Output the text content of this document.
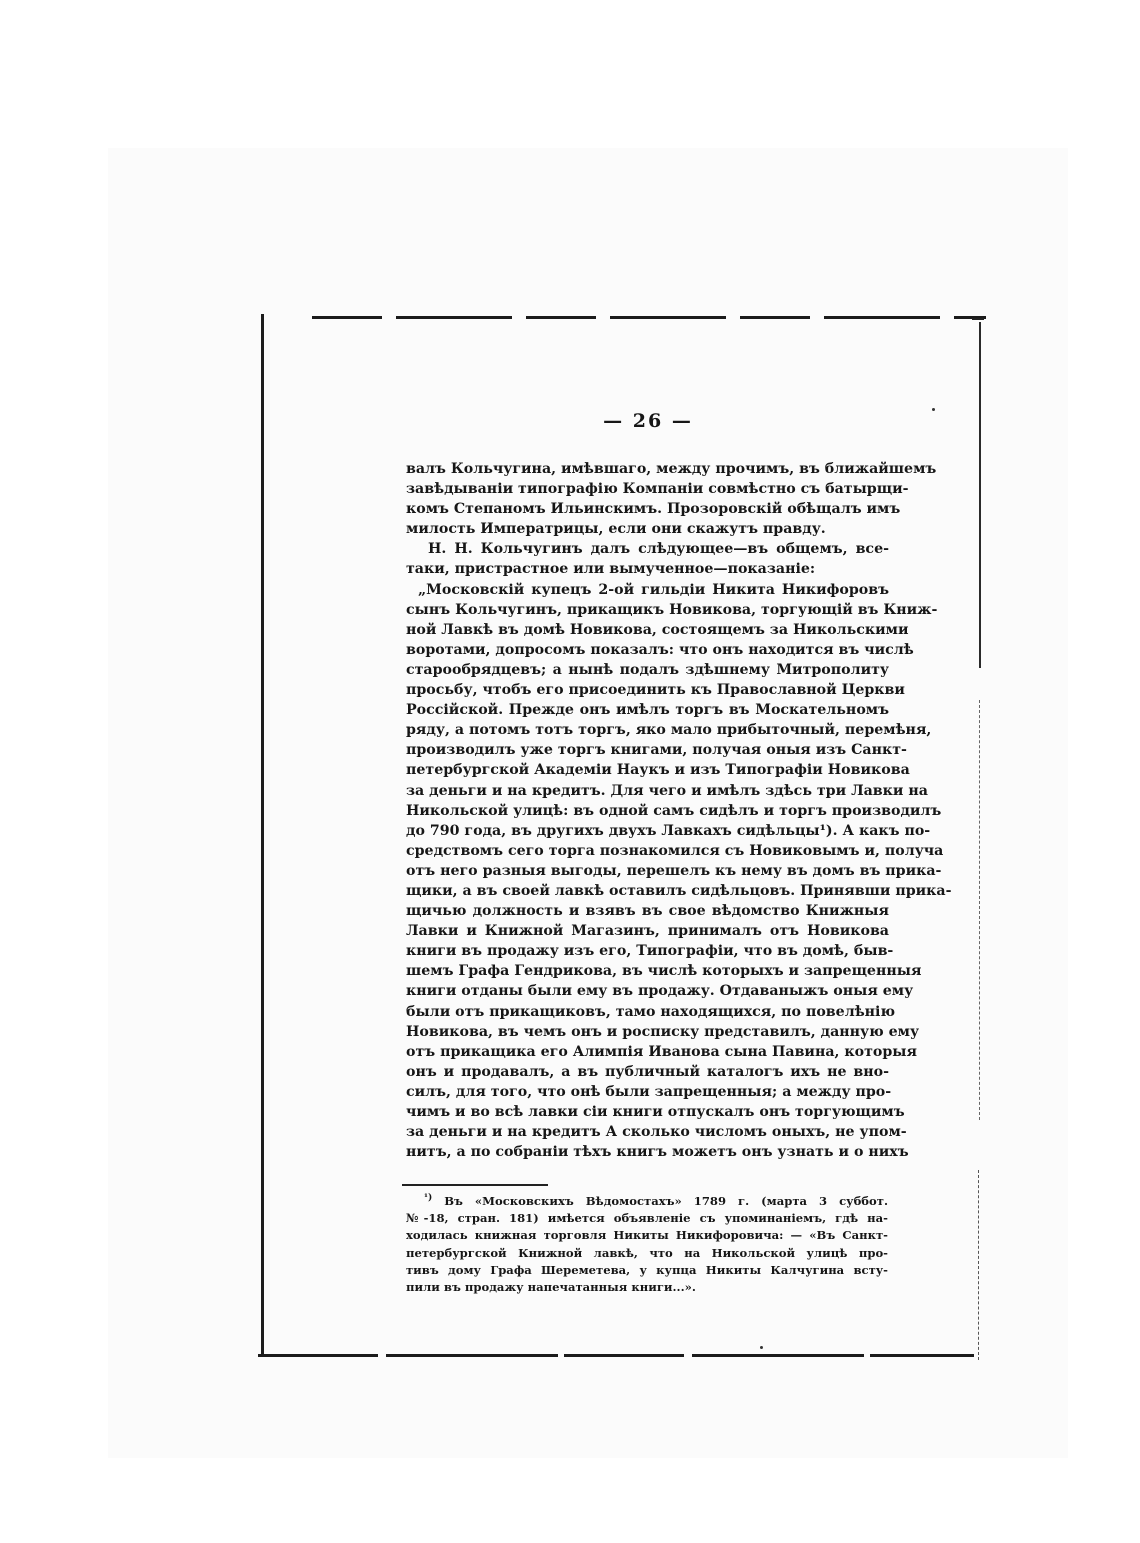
— 26 —
валъ Кольчугина, имѣвшаго, между прочимъ, въ ближайшемъ
завѣдыванiи типографiю Компанiи совмѣстно съ батырщи-
комъ Степаномъ Ильинскимъ. Прозоровскiй обѣщалъ имъ
милость Императрицы, если они скажутъ правду.
Н. Н. Кольчугинъ далъ слѣдующее—въ общемъ, все-
таки, пристрастное или вымученное—показанiе:
„Московскiй купецъ 2-ой гильдiи Никита Никифоровъ
сынъ Кольчугинъ, прикащикъ Новикова, торгующiй въ Книж-
ной Лавкѣ въ домѣ Новикова, состоящемъ за Никольскими
воротами, допросомъ показалъ: что онъ находится въ числѣ
старообрядцевъ; а нынѣ подалъ здѣшнему Митрополиту
просьбу, чтобъ его присоединить къ Православной Церкви
Россiйской. Прежде онъ имѣлъ торгъ въ Москательномъ
ряду, а потомъ тотъ торгъ, яко мало прибыточный, перемѣня,
производилъ уже торгъ книгами, получая оныя изъ Санкт-
петербургской Академiи Наукъ и изъ Типографiи Новикова
за деньги и на кредитъ. Для чего и имѣлъ здѣсь три Лавки на
Никольской улицѣ: въ одной самъ сидѣлъ и торгъ производилъ
до 790 года, въ другихъ двухъ Лавкахъ сидѣльцы¹). А какъ по-
средствомъ сего торга познакомился съ Новиковымъ и, получа
отъ него разныя выгоды, перешелъ къ нему въ домъ въ прика-
щики, а въ своей лавкѣ оставилъ сидѣльцовъ. Принявши прика-
щичью должность и взявъ въ свое вѣдомство Книжныя
Лавки и Книжной Магазинъ, принималъ отъ Новикова
книги въ продажу изъ его, Типографiи, что въ домѣ, быв-
шемъ Графа Гендрикова, въ числѣ которыхъ и запрещенныя
книги отданы были ему въ продажу. Отдаваныжъ оныя ему
были отъ прикащиковъ, тамо находящихся, по повелѣнiю
Новикова, въ чемъ онъ и росписку представилъ, данную ему
отъ прикащика его Алимпiя Иванова сына Павина, которыя
онъ и продавалъ, а въ публичный каталогъ ихъ не вно-
силъ, для того, что онѣ были запрещенныя; а между про-
чимъ и во всѣ лавки сiи книги отпускалъ онъ торгующимъ
за деньги и на кредитъ А сколько числомъ оныхъ, не упом-
нитъ, а по собранiи тѣхъ книгъ можетъ онъ узнать и о нихъ
$^{^1)}$ Въ «Московскихъ Вѣдомостахъ» 1789 г. (марта 3 суббот.
№-18, стран. 181) имѣется объявленiе съ упоминанiемъ, гдѣ на-
ходилась книжная торговля Никиты Никифоровича: — «Въ Санкт-
петербургской Книжной лавкѣ, что на Никольской улицѣ про-
тивъ дому Графа Шереметева, у купца Никиты Калчугина всту-
пили въ продажу напечатанныя книги...».
